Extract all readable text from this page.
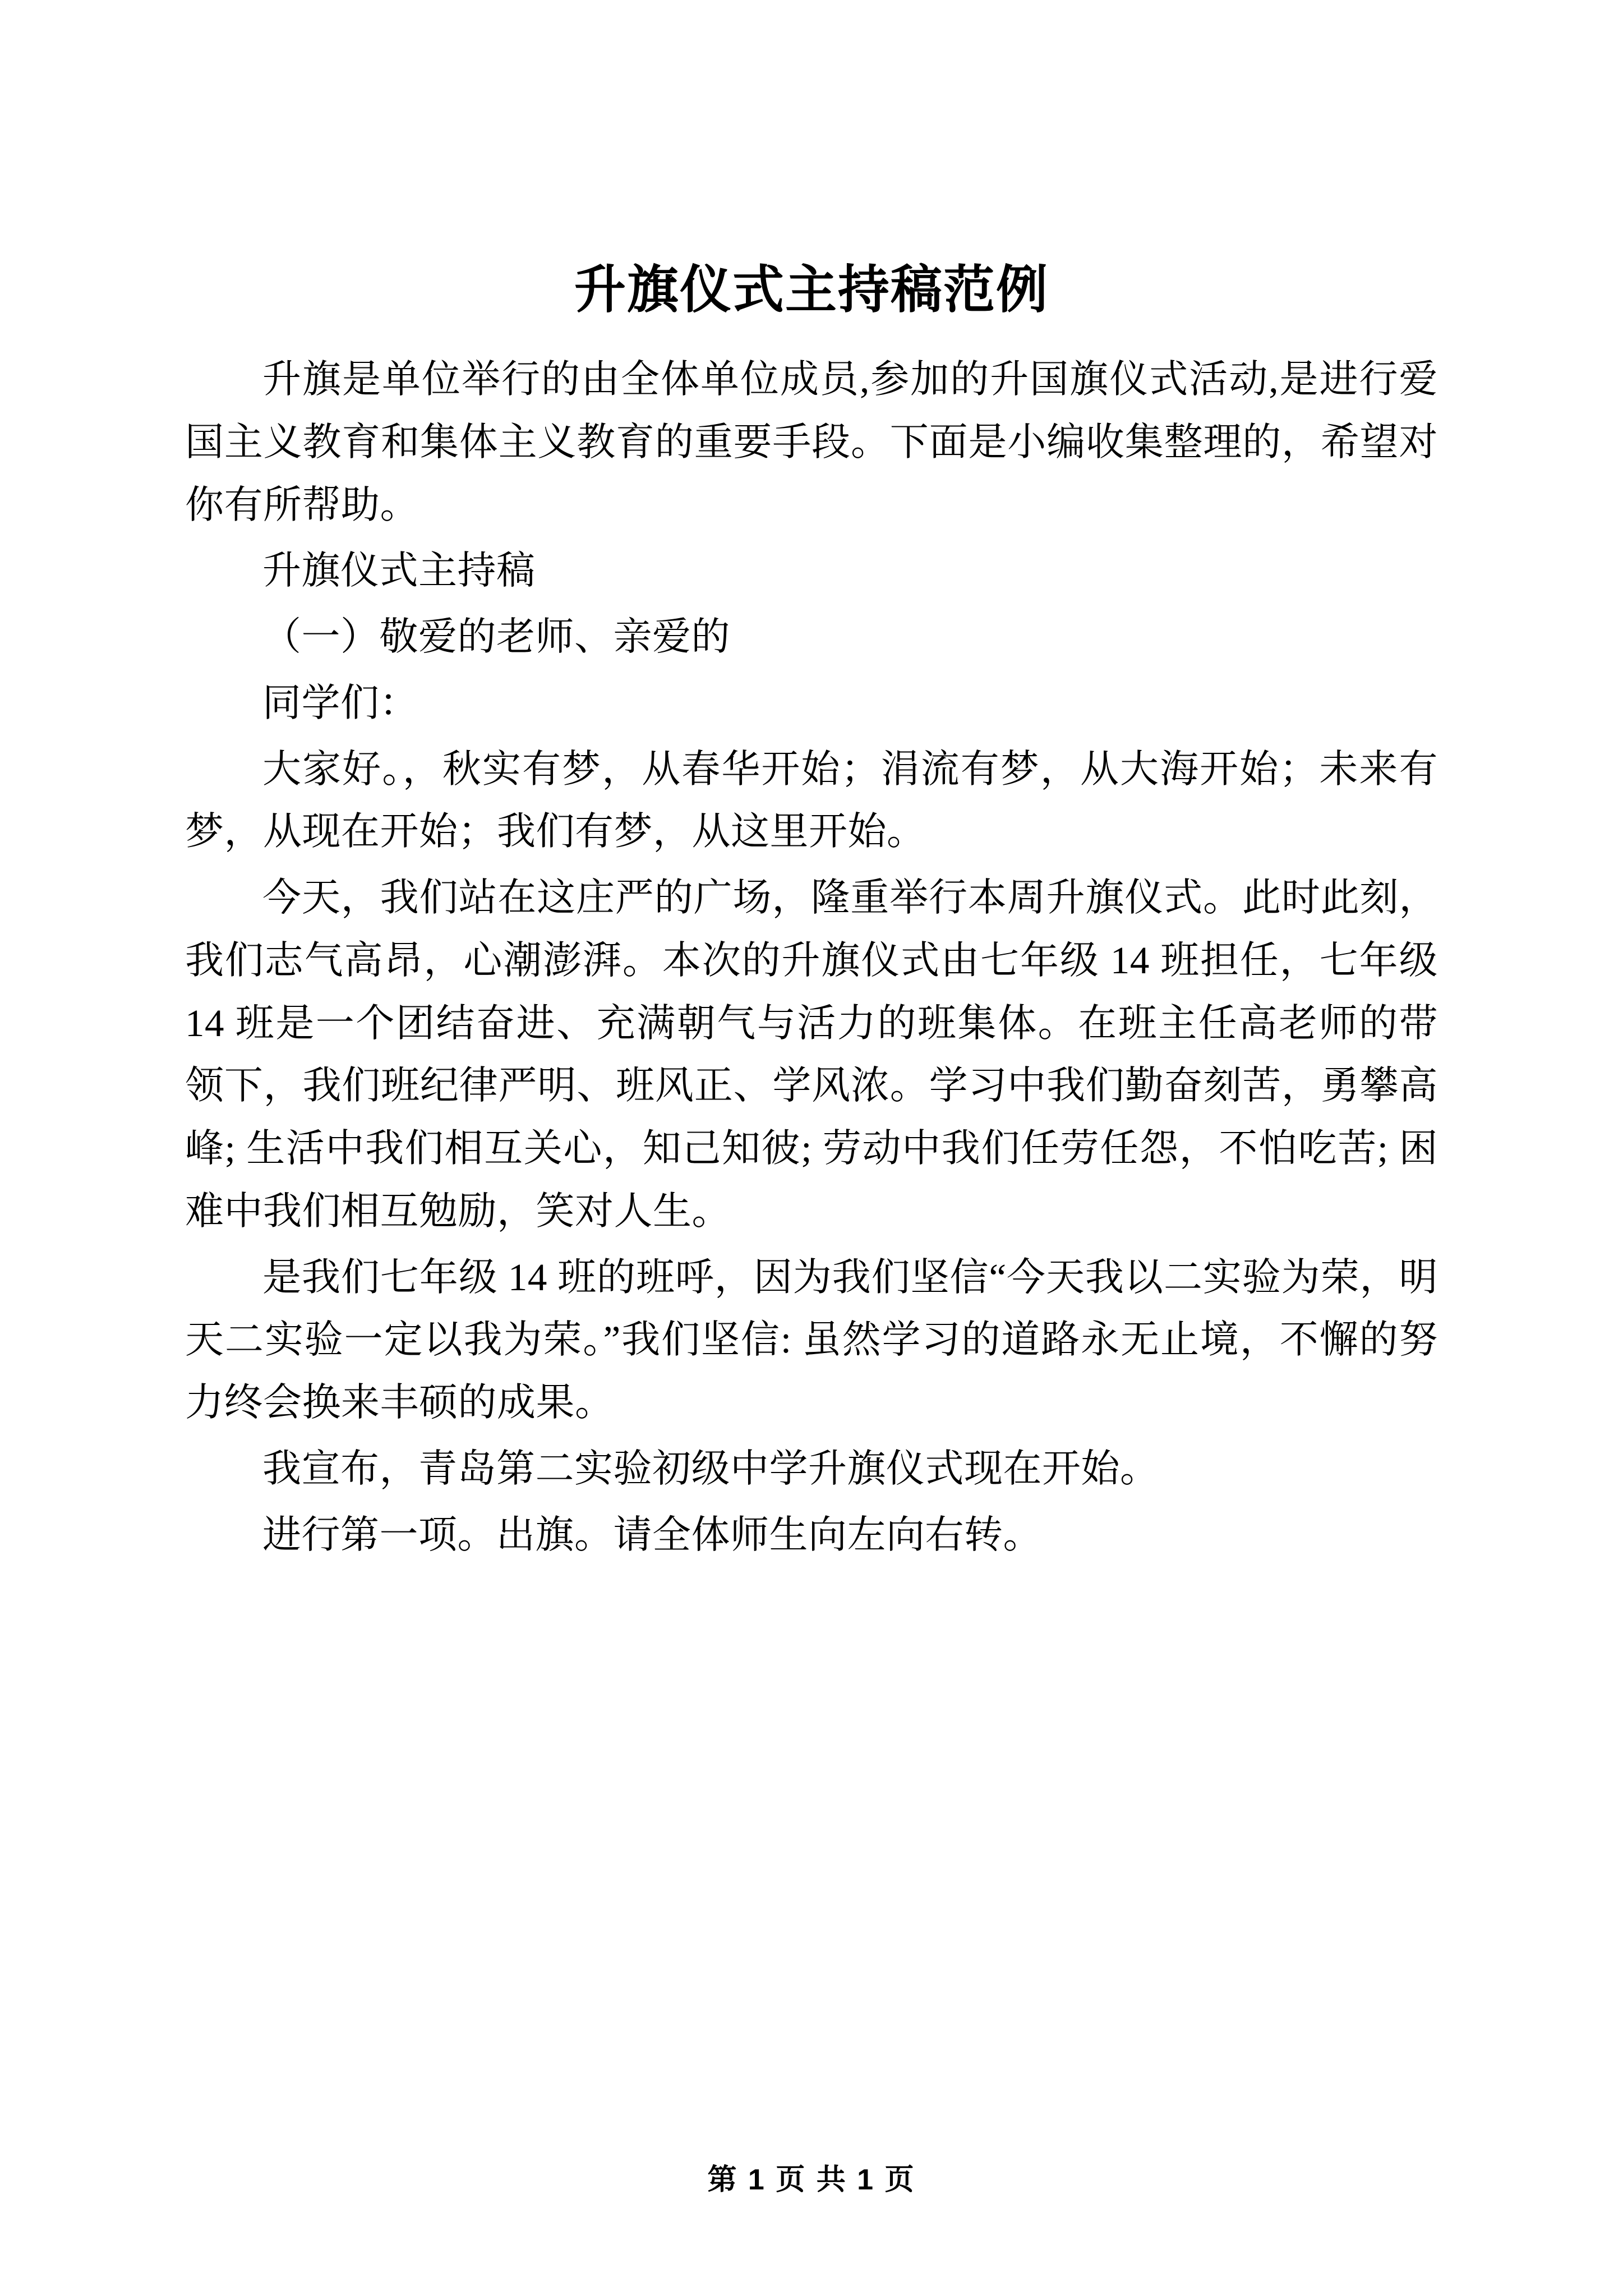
升旗仪式主持稿范例

升旗是单位举行的由全体单位成员,参加的升国旗仪式活动,是进行爱国主义教育和集体主义教育的重要手段。下面是小编收集整理的，希望对你有所帮助。

升旗仪式主持稿

（一）敬爱的老师、亲爱的

同学们：

大家好。，秋实有梦，从春华开始；涓流有梦，从大海开始；未来有梦，从现在开始；我们有梦，从这里开始。

今天，我们站在这庄严的广场，隆重举行本周升旗仪式。此时此刻，我们志气高昂，心潮澎湃。本次的升旗仪式由七年级 14 班担任，七年级 14 班是一个团结奋进、充满朝气与活力的班集体。在班主任高老师的带领下，我们班纪律严明、班风正、学风浓。学习中我们勤奋刻苦，勇攀高峰; 生活中我们相互关心，知己知彼; 劳动中我们任劳任怨，不怕吃苦; 困难中我们相互勉励，笑对人生。

是我们七年级 14 班的班呼，因为我们坚信“今天我以二实验为荣，明天二实验一定以我为荣。”我们坚信: 虽然学习的道路永无止境，不懈的努力终会换来丰硕的成果。

我宣布，青岛第二实验初级中学升旗仪式现在开始。

进行第一项。出旗。请全体师生向左向右转。

第 1 页 共 1 页
